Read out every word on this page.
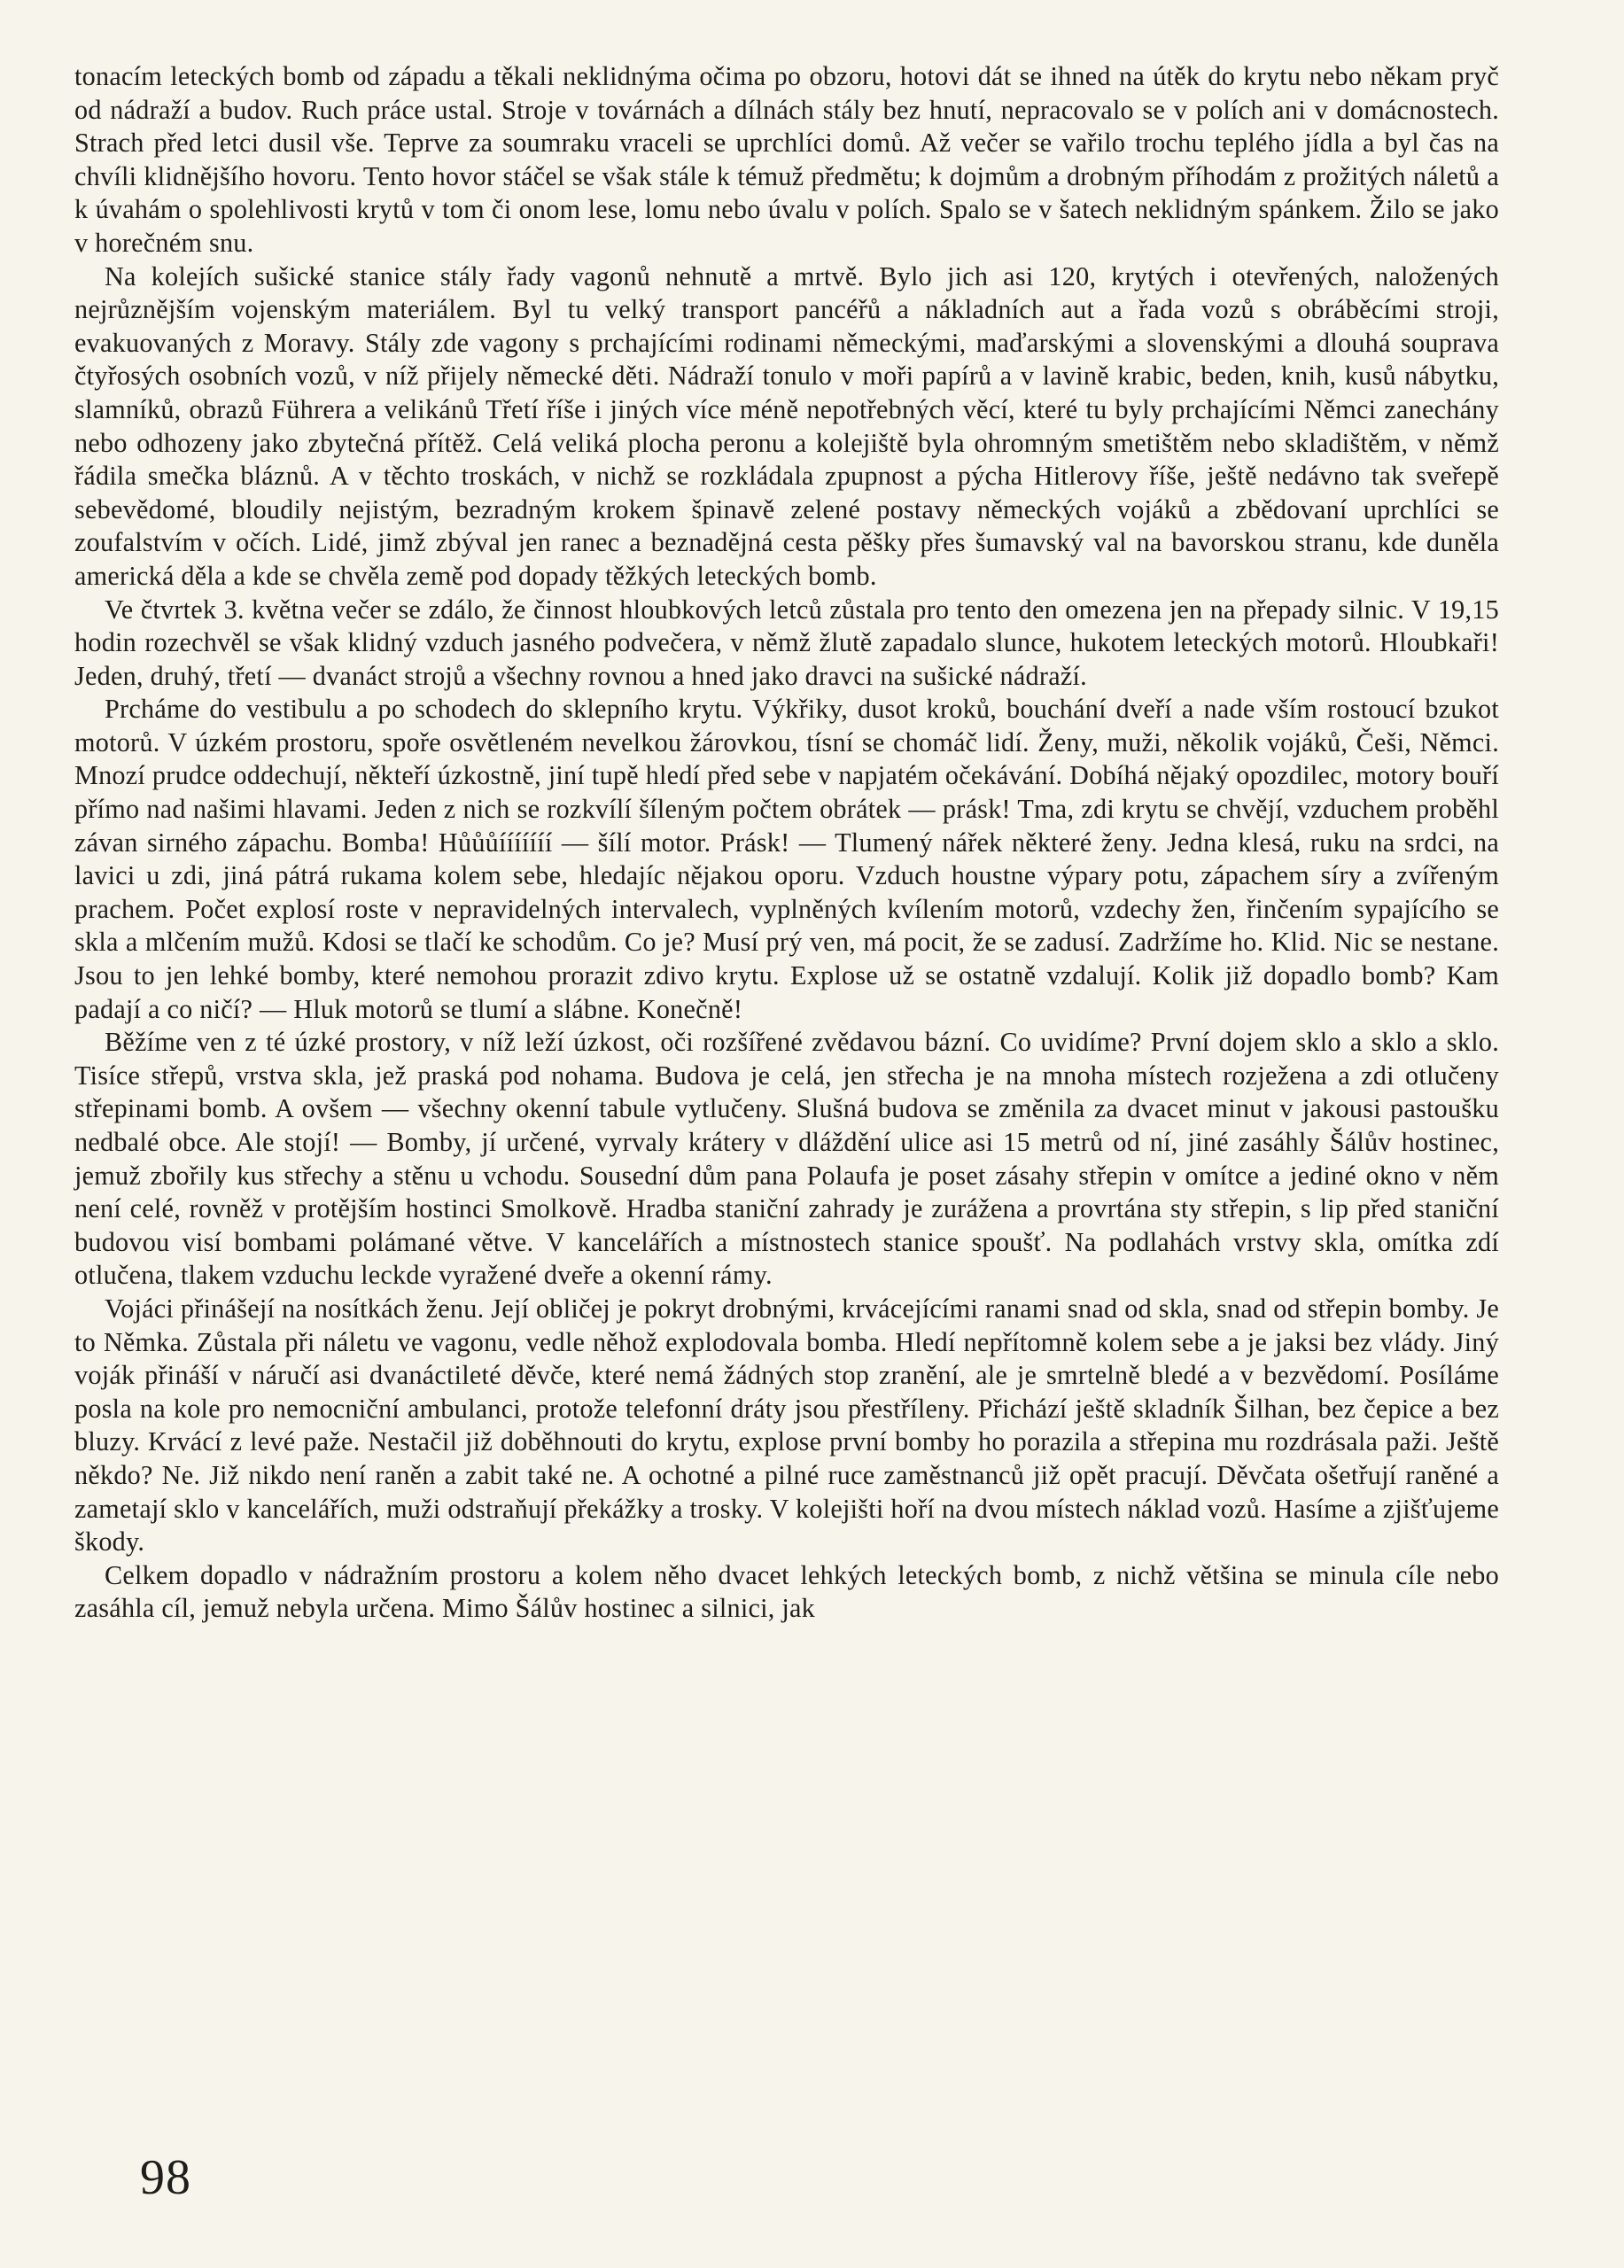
tonacím leteckých bomb od západu a těkali neklidnýma očima po obzoru, hotovi dát se ihned na útěk do krytu nebo někam pryč od nádraží a budov. Ruch práce ustal. Stroje v továrnách a dílnách stály bez hnutí, nepracovalo se v polích ani v domácnostech. Strach před letci dusil vše. Teprve za soumraku vraceli se uprchlíci domů. Až večer se vařilo trochu teplého jídla a byl čas na chvíli klidnějšího hovoru. Tento hovor stáčel se však stále k témuž předmětu; k dojmům a drobným příhodám z prožitých náletů a k úvahám o spolehlivosti krytů v tom či onom lese, lomu nebo úvalu v polích. Spalo se v šatech neklidným spánkem. Žilo se jako v horečném snu.

Na kolejích sušické stanice stály řady vagonů nehnutě a mrtvě. Bylo jich asi 120, krytých i otevřených, naložených nejrůznějším vojenským materiálem. Byl tu velký transport pancéřů a nákladních aut a řada vozů s obráběcími stroji, evakuovaných z Moravy. Stály zde vagony s prchajícími rodinami německými, maďarskými a slovenskými a dlouhá souprava čtyřosých osobních vozů, v níž přijely německé děti. Nádraží tonulo v moři papírů a v lavině krabic, beden, knih, kusů nábytku, slamníků, obrazů Führera a velikánů Třetí říše i jiných více méně nepotřebných věcí, které tu byly prchajícími Němci zanechány nebo odhozeny jako zbytečná přítěž. Celá veliká plocha peronu a kolejiště byla ohromným smetištěm nebo skladištěm, v němž řádila smečka bláznů. A v těchto troskách, v nichž se rozkládala zpupnost a pýcha Hitlerovy říše, ještě nedávno tak sveřepě sebevědomé, bloudily nejistým, bezradným krokem špinavě zelené postavy německých vojáků a zbědovaní uprchlíci se zoufalstvím v očích. Lidé, jimž zbýval jen ranec a beznadějná cesta pěšky přes šumavský val na bavorskou stranu, kde duněla americká děla a kde se chvěla země pod dopady těžkých leteckých bomb.

Ve čtvrtek 3. května večer se zdálo, že činnost hloubkových letců zůstala pro tento den omezena jen na přepady silnic. V 19,15 hodin rozechvěl se však klidný vzduch jasného podvečera, v němž žlutě zapadalo slunce, hukotem leteckých motorů. Hloubkaři! Jeden, druhý, třetí — dvanáct strojů a všechny rovnou a hned jako dravci na sušické nádraží.

Prcháme do vestibulu a po schodech do sklepního krytu. Výkřiky, dusot kroků, bouchání dveří a nade vším rostoucí bzukot motorů. V úzkém prostoru, spoře osvětleném nevelkou žárovkou, tísní se chomáč lidí. Ženy, muži, několik vojáků, Češi, Němci. Mnozí prudce oddechují, někteří úzkostně, jiní tupě hledí před sebe v napjatém očekávání. Dobíhá nějaký opozdilec, motory bouří přímo nad našimi hlavami. Jeden z nich se rozkvílí šíleným počtem obrátek — prásk! Tma, zdi krytu se chvějí, vzduchem proběhl závan sirného zápachu. Bomba! Hůůůííííííí — šílí motor. Prásk! — Tlumený nářek některé ženy. Jedna klesá, ruku na srdci, na lavici u zdi, jiná pátrá rukama kolem sebe, hledajíc nějakou oporu. Vzduch houstne výpary potu, zápachem síry a zvířeným prachem. Počet explosí roste v nepravidelných intervalech, vyplněných kvílením motorů, vzdechy žen, řinčením sypajícího se skla a mlčením mužů. Kdosi se tlačí ke schodům. Co je? Musí prý ven, má pocit, že se zadusí. Zadržíme ho. Klid. Nic se nestane. Jsou to jen lehké bomby, které nemohou prorazit zdivo krytu. Explose už se ostatně vzdalují. Kolik již dopadlo bomb? Kam padají a co ničí? — Hluk motorů se tlumí a slábne. Konečně!

Běžíme ven z té úzké prostory, v níž leží úzkost, oči rozšířené zvědavou bázní. Co uvidíme? První dojem sklo a sklo a sklo. Tisíce střepů, vrstva skla, jež praská pod nohama. Budova je celá, jen střecha je na mnoha místech rozježena a zdi otlučeny střepinami bomb. A ovšem — všechny okenní tabule vytlučeny. Slušná budova se změnila za dvacet minut v jakousi pastoušku nedbalé obce. Ale stojí! — Bomby, jí určené, vyrvaly krátery v dláždění ulice asi 15 metrů od ní, jiné zasáhly Šálův hostinec, jemuž zbořily kus střechy a stěnu u vchodu. Sousední dům pana Polaufa je poset zásahy střepin v omítce a jediné okno v něm není celé, rovněž v protějším hostinci Smolkově. Hradba staniční zahrady je zurážena a provrtána sty střepin, s lip před staniční budovou visí bombami polámané větve. V kancelářích a místnostech stanice spoušť. Na podlahách vrstvy skla, omítka zdí otlučena, tlakem vzduchu leckde vyražené dveře a okenní rámy.

Vojáci přinášejí na nosítkách ženu. Její obličej je pokryt drobnými, krvácejícími ranami snad od skla, snad od střepin bomby. Je to Němka. Zůstala při náletu ve vagonu, vedle něhož explodovala bomba. Hledí nepřítomně kolem sebe a je jaksi bez vlády. Jiný voják přináší v náručí asi dvanáctileté děvče, které nemá žádných stop zranění, ale je smrtelně bledé a v bezvědomí. Posíláme posla na kole pro nemocniční ambulanci, protože telefonní dráty jsou přestříleny. Přichází ještě skladník Šilhan, bez čepice a bez bluzy. Krvácí z levé paže. Nestačil již doběhnouti do krytu, explose první bomby ho porazila a střepina mu rozdrásala paži. Ještě někdo? Ne. Již nikdo není raněn a zabit také ne. A ochotné a pilné ruce zaměstnanců již opět pracují. Děvčata ošetřují raněné a zametají sklo v kancelářích, muži odstraňují překážky a trosky. V kolejišti hoří na dvou místech náklad vozů. Hasíme a zjišťujeme škody.

Celkem dopadlo v nádražním prostoru a kolem něho dvacet lehkých leteckých bomb, z nichž většina se minula cíle nebo zasáhla cíl, jemuž nebyla určena. Mimo Šálův hostinec a silnici, jak

98
